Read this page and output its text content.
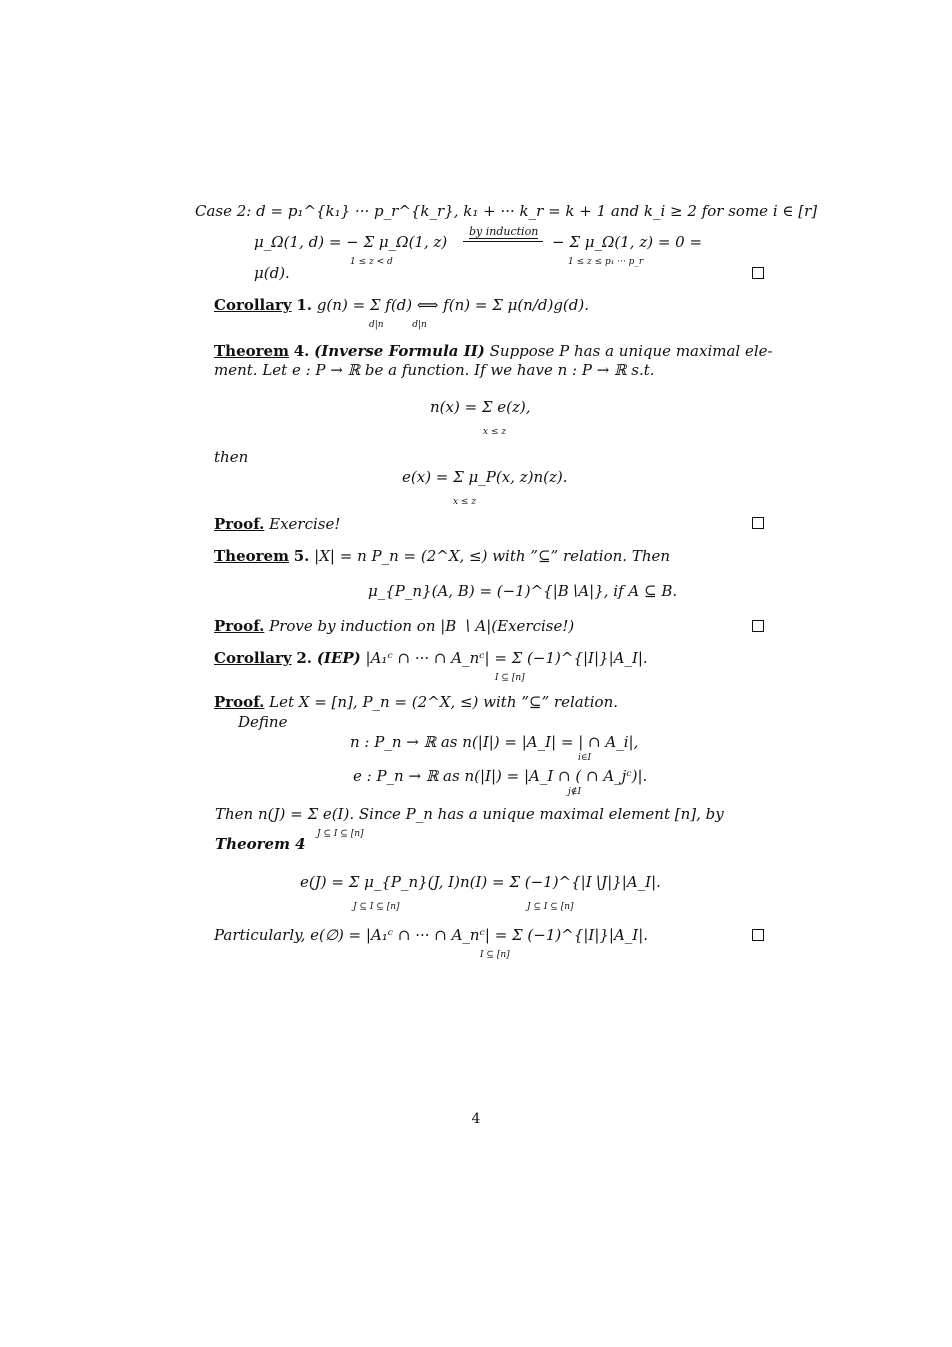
Case 2: d = p₁^{k₁} ··· p_r^{k_r}, k₁ + ··· k_r = k + 1 and k_i ≥ 2 for some i ∈ [r]
μ_Ω(1, d) = − Σ μ_Ω(1, z)
1 ≤ z < d
by induction
− Σ μ_Ω(1, z) = 0 =
1 ≤ z ≤ p₁ ··· p_r
μ(d).
Corollary 1. g(n) = Σ f(d) ⟺ f(n) = Σ μ(n/d)g(d).
d|n          d|n
Theorem 4. (Inverse Formula II) Suppose P has a unique maximal ele-
ment. Let e : P → ℝ be a function. If we have n : P → ℝ s.t.
n(x) = Σ e(z),
x ≤ z
then
e(x) = Σ μ_P(x, z)n(z).
x ≤ z
Proof. Exercise!
Theorem 5. |X| = n P_n = (2^X, ≤) with ”⊆” relation. Then
μ_{P_n}(A, B) = (−1)^{|B∖A|}, if A ⊆ B.
Proof. Prove by induction on |B ∖ A|(Exercise!)
Corollary 2. (IEP) |A₁ᶜ ∩ ··· ∩ A_nᶜ| = Σ (−1)^{|I|}|A_I|.
I ⊆ [n]
Proof. Let X = [n], P_n = (2^X, ≤) with ”⊆” relation.
Define
n : P_n → ℝ as n(|I|) = |A_I| = | ∩ A_i|,
i∈I
e : P_n → ℝ as n(|I|) = |A_I ∩ ( ∩ A_jᶜ)|.
j∉I
Then n(J) = Σ e(I). Since P_n has a unique maximal element [n], by
J ⊆ I ⊆ [n]
Theorem 4
e(J) = Σ μ_{P_n}(J, I)n(I) = Σ (−1)^{|I∖J|}|A_I|.
J ⊆ I ⊆ [n]	J ⊆ I ⊆ [n]
Particularly, e(∅) = |A₁ᶜ ∩ ··· ∩ A_nᶜ| = Σ (−1)^{|I|}|A_I|.
I ⊆ [n]
4
